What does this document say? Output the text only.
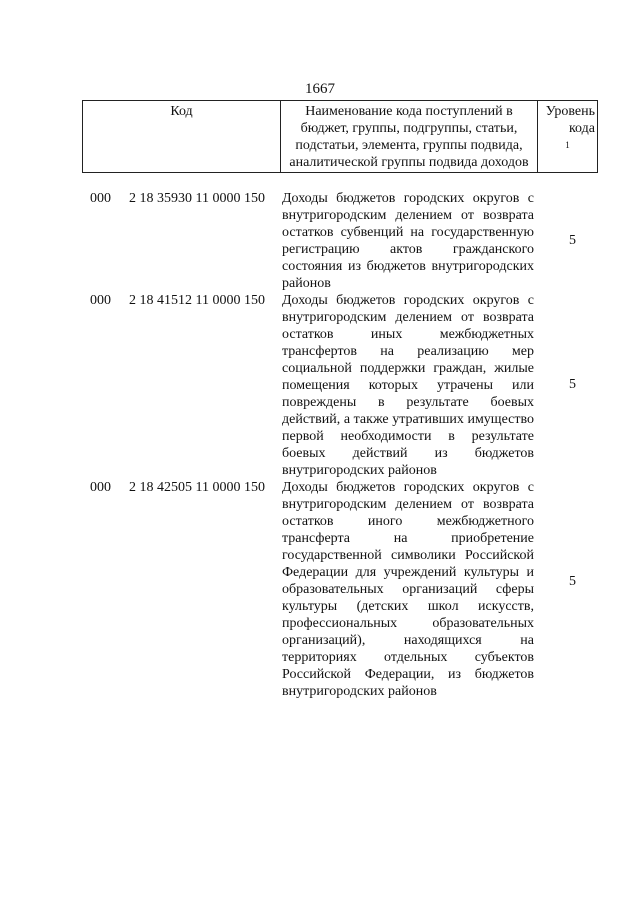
1667
Код	Наименование кода поступлений в бюджет, группы, подгруппы, статьи, подстатьи, элемента, группы подвида, аналитической группы подвида доходов	Уровень кода$^1$
000 2 18 35930 11 0000 150 Доходы бюджетов городских округов с внутригородским делением от возврата остатков субвенций на государственную регистрацию актов гражданского состояния из бюджетов внутригородских районов
5
000 2 18 41512 11 0000 150 Доходы бюджетов городских округов с внутригородским делением от возврата остатков иных межбюджетных трансфертов на реализацию мер социальной поддержки граждан, жилые помещения которых утрачены или повреждены в результате боевых действий, а также утративших имущество первой необходимости в результате боевых действий из бюджетов внутригородских районов
5
000 2 18 42505 11 0000 150 Доходы бюджетов городских округов с внутригородским делением от возврата остатков иного межбюджетного трансферта на приобретение государственной символики Российской Федерации для учреждений культуры и образовательных организаций сферы культуры (детских школ искусств, профессиональных образовательных организаций), находящихся на территориях отдельных субъектов Российской Федерации, из бюджетов внутригородских районов
5
